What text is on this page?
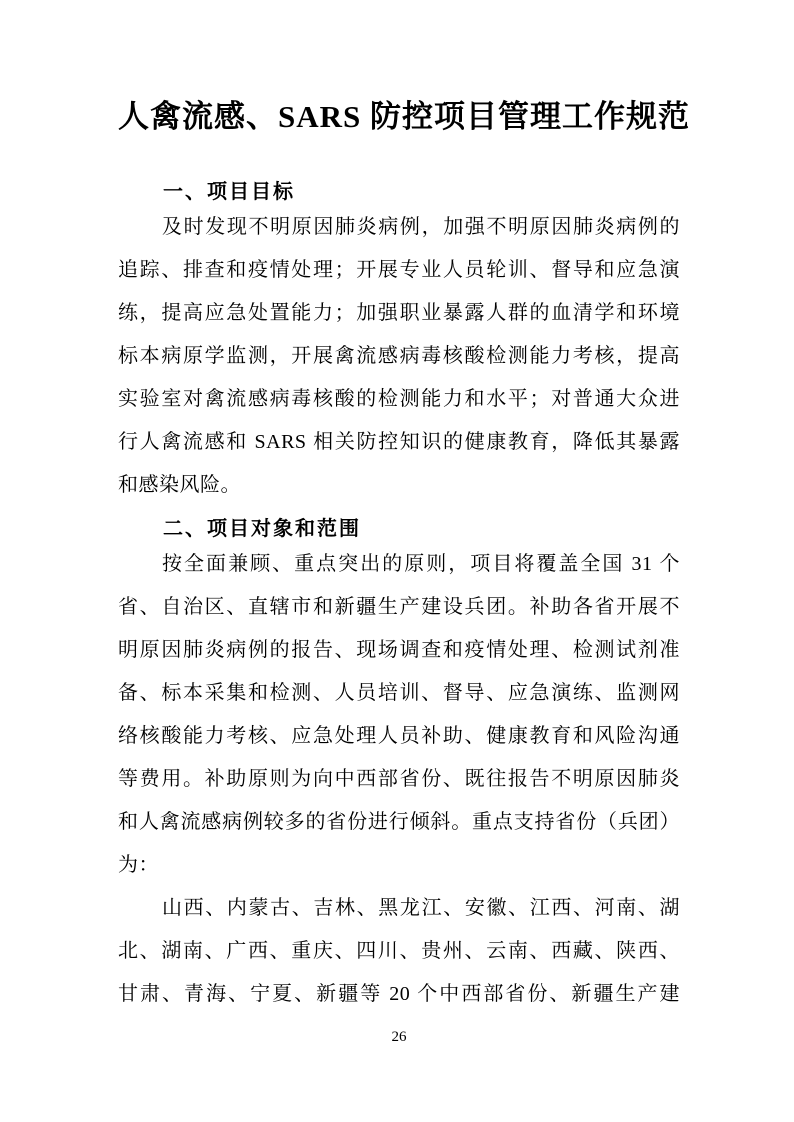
人禽流感、SARS 防控项目管理工作规范
一、项目目标
及时发现不明原因肺炎病例，加强不明原因肺炎病例的
追踪、排查和疫情处理；开展专业人员轮训、督导和应急演
练，提高应急处置能力；加强职业暴露人群的血清学和环境
标本病原学监测，开展禽流感病毒核酸检测能力考核，提高
实验室对禽流感病毒核酸的检测能力和水平；对普通大众进
行人禽流感和 SARS 相关防控知识的健康教育，降低其暴露
和感染风险。
二、项目对象和范围
按全面兼顾、重点突出的原则，项目将覆盖全国 31 个
省、自治区、直辖市和新疆生产建设兵团。补助各省开展不
明原因肺炎病例的报告、现场调查和疫情处理、检测试剂准
备、标本采集和检测、人员培训、督导、应急演练、监测网
络核酸能力考核、应急处理人员补助、健康教育和风险沟通
等费用。补助原则为向中西部省份、既往报告不明原因肺炎
和人禽流感病例较多的省份进行倾斜。重点支持省份（兵团）
为：
山西、内蒙古、吉林、黑龙江、安徽、江西、河南、湖
北、湖南、广西、重庆、四川、贵州、云南、西藏、陕西、
甘肃、青海、宁夏、新疆等 20 个中西部省份、新疆生产建
26
